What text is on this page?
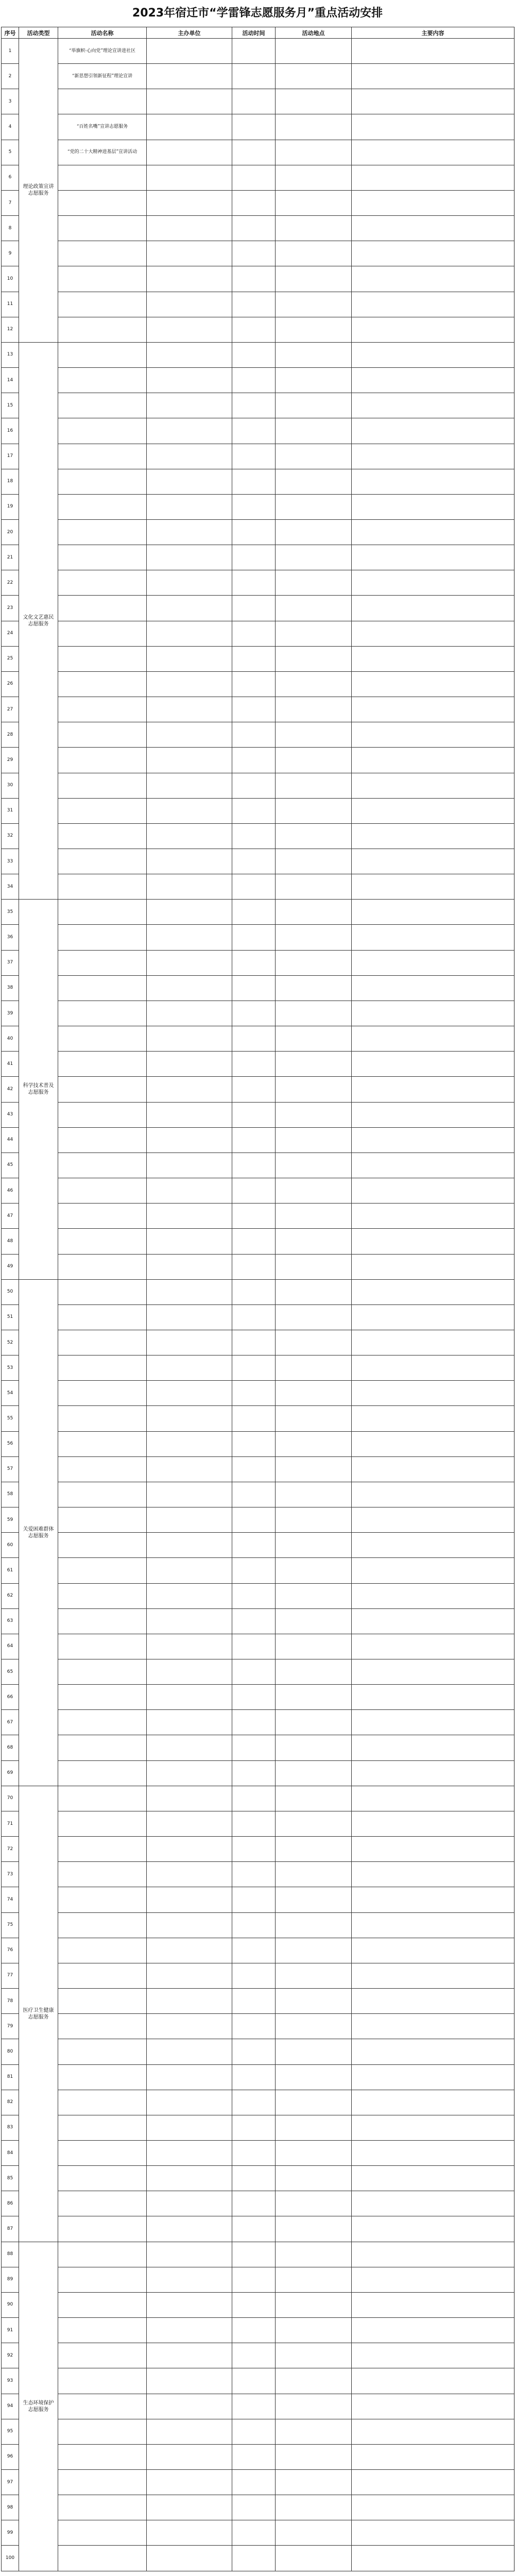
2023年宿迁市“学雷锋志愿服务月”重点活动安排
序号	活动类型	活动名称	主办单位	活动时间	活动地点	主要内容
1	理论政策宣讲志愿服务	“举旗帜·心向党”理论宣讲进社区				
2		“新思想引领新征程”理论宣讲				
3						
4		“百姓名嘴”宣讲志愿服务				
5		“党的二十大精神进基层”宣讲活动				
6						
7						
8						
9						
10						
11						
12						
13	文化文艺惠民志愿服务					
14						
15						
16						
17						
18						
19						
20						
21						
22						
23						
24						
25						
26						
27						
28						
29						
30						
31						
32						
33						
34						
35	科学技术普及志愿服务					
36						
37						
38						
39						
40						
41						
42						
43						
44						
45						
46						
47						
48						
49						
50	关爱困难群体志愿服务					
51						
52						
53						
54						
55						
56						
57						
58						
59						
60						
61						
62						
63						
64						
65						
66						
67						
68						
69						
70	医疗卫生健康志愿服务					
71						
72						
73						
74						
75						
76						
77						
78						
79						
80						
81						
82						
83						
84						
85						
86						
87						
88	生态环境保护志愿服务					
89						
90						
91						
92						
93						
94						
95						
96						
97						
98						
99						
100						
